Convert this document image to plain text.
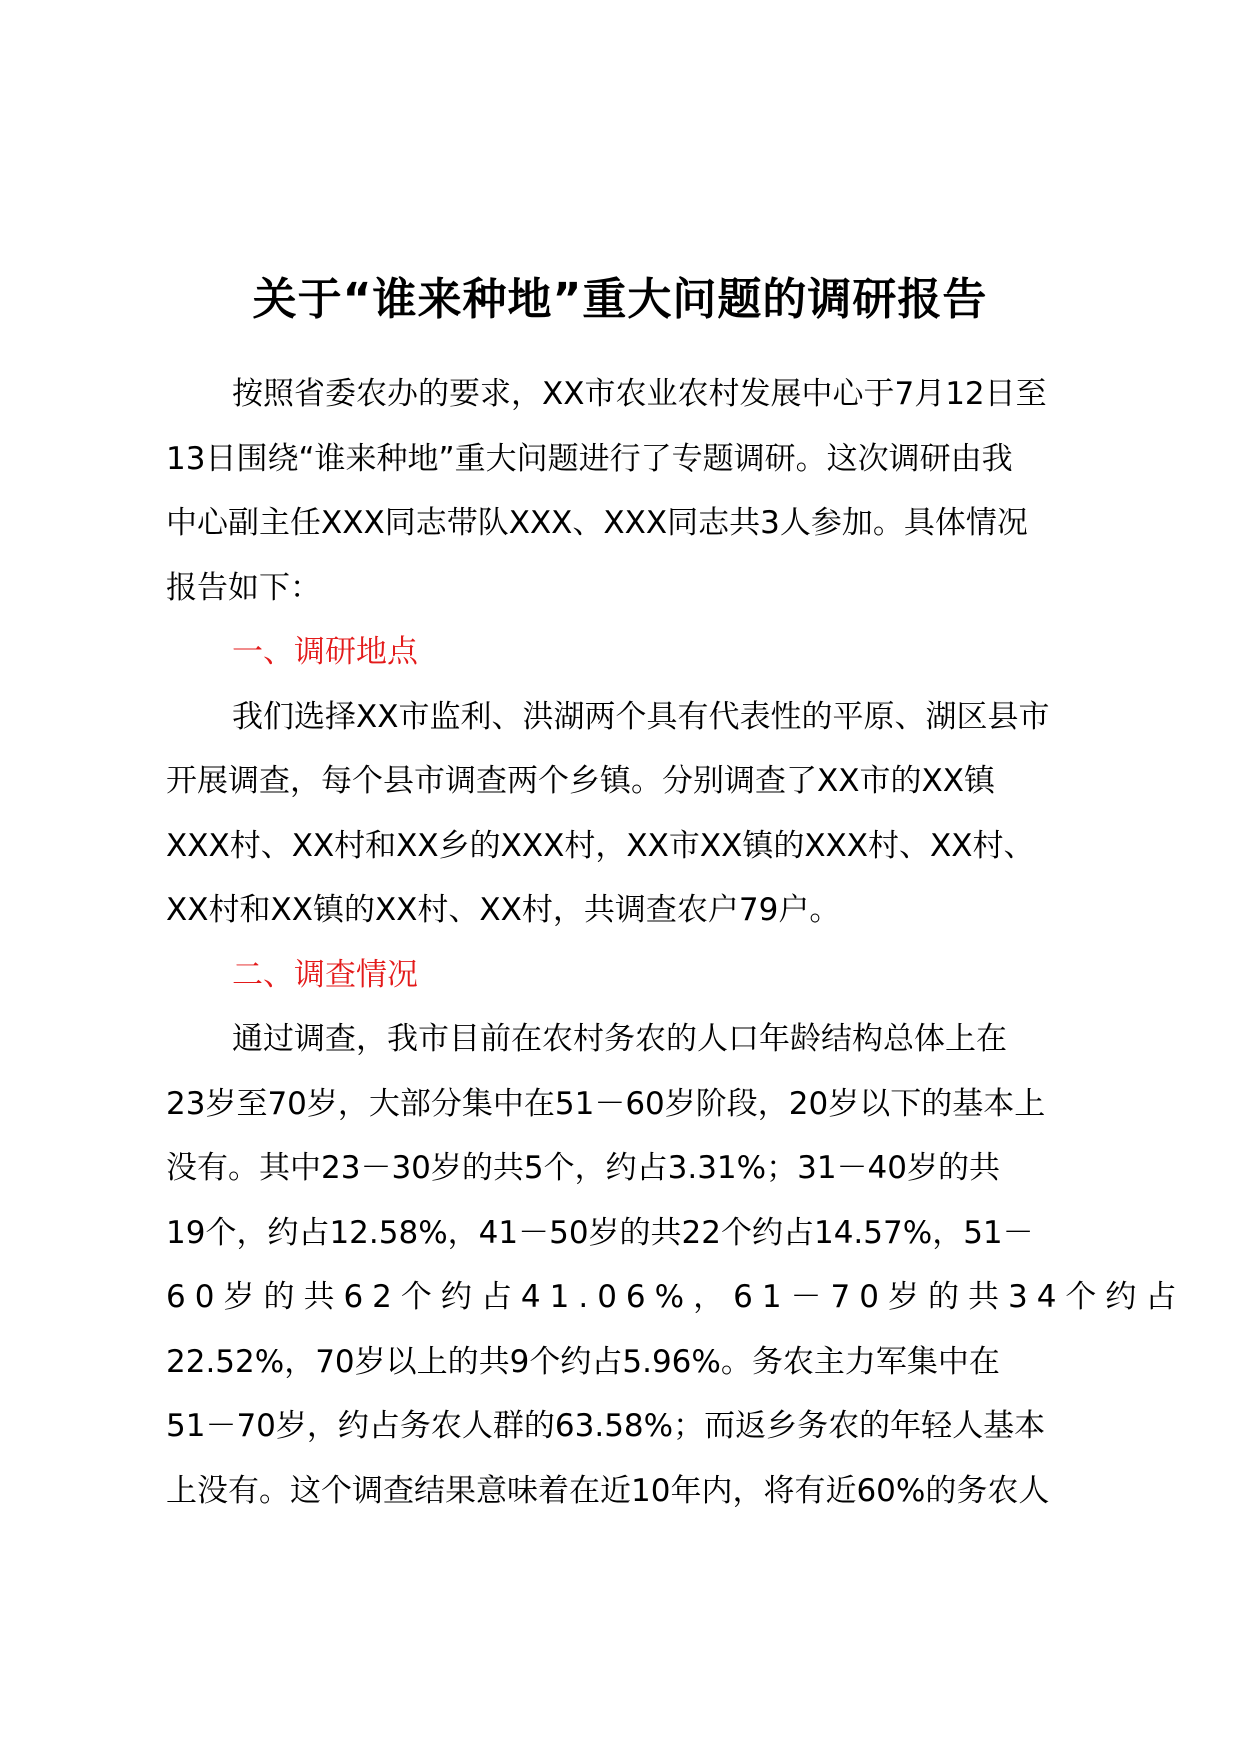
关于“谁来种地”重大问题的调研报告
按照省委农办的要求，XX市农业农村发展中心于7月12日至
13日围绕“谁来种地”重大问题进行了专题调研。这次调研由我
中心副主任XXX同志带队XXX、XXX同志共3人参加。具体情况
报告如下：
一、调研地点
我们选择XX市监利、洪湖两个具有代表性的平原、湖区县市
开展调查，每个县市调查两个乡镇。分别调查了XX市的XX镇
XXX村、XX村和XX乡的XXX村，XX市XX镇的XXX村、XX村、
XX村和XX镇的XX村、XX村，共调查农户79户。
二、调查情况
通过调查，我市目前在农村务农的人口年龄结构总体上在
23岁至70岁，大部分集中在51－60岁阶段，20岁以下的基本上
没有。其中23－30岁的共5个，约占3.31%；31－40岁的共
19个，约占12.58%，41－50岁的共22个约占14.57%，51－
60岁的共62个约占41.06%，61－70岁的共34个约占
22.52%，70岁以上的共9个约占5.96%。务农主力军集中在
51－70岁，约占务农人群的63.58%；而返乡务农的年轻人基本
上没有。这个调查结果意味着在近10年内，将有近60%的务农人
